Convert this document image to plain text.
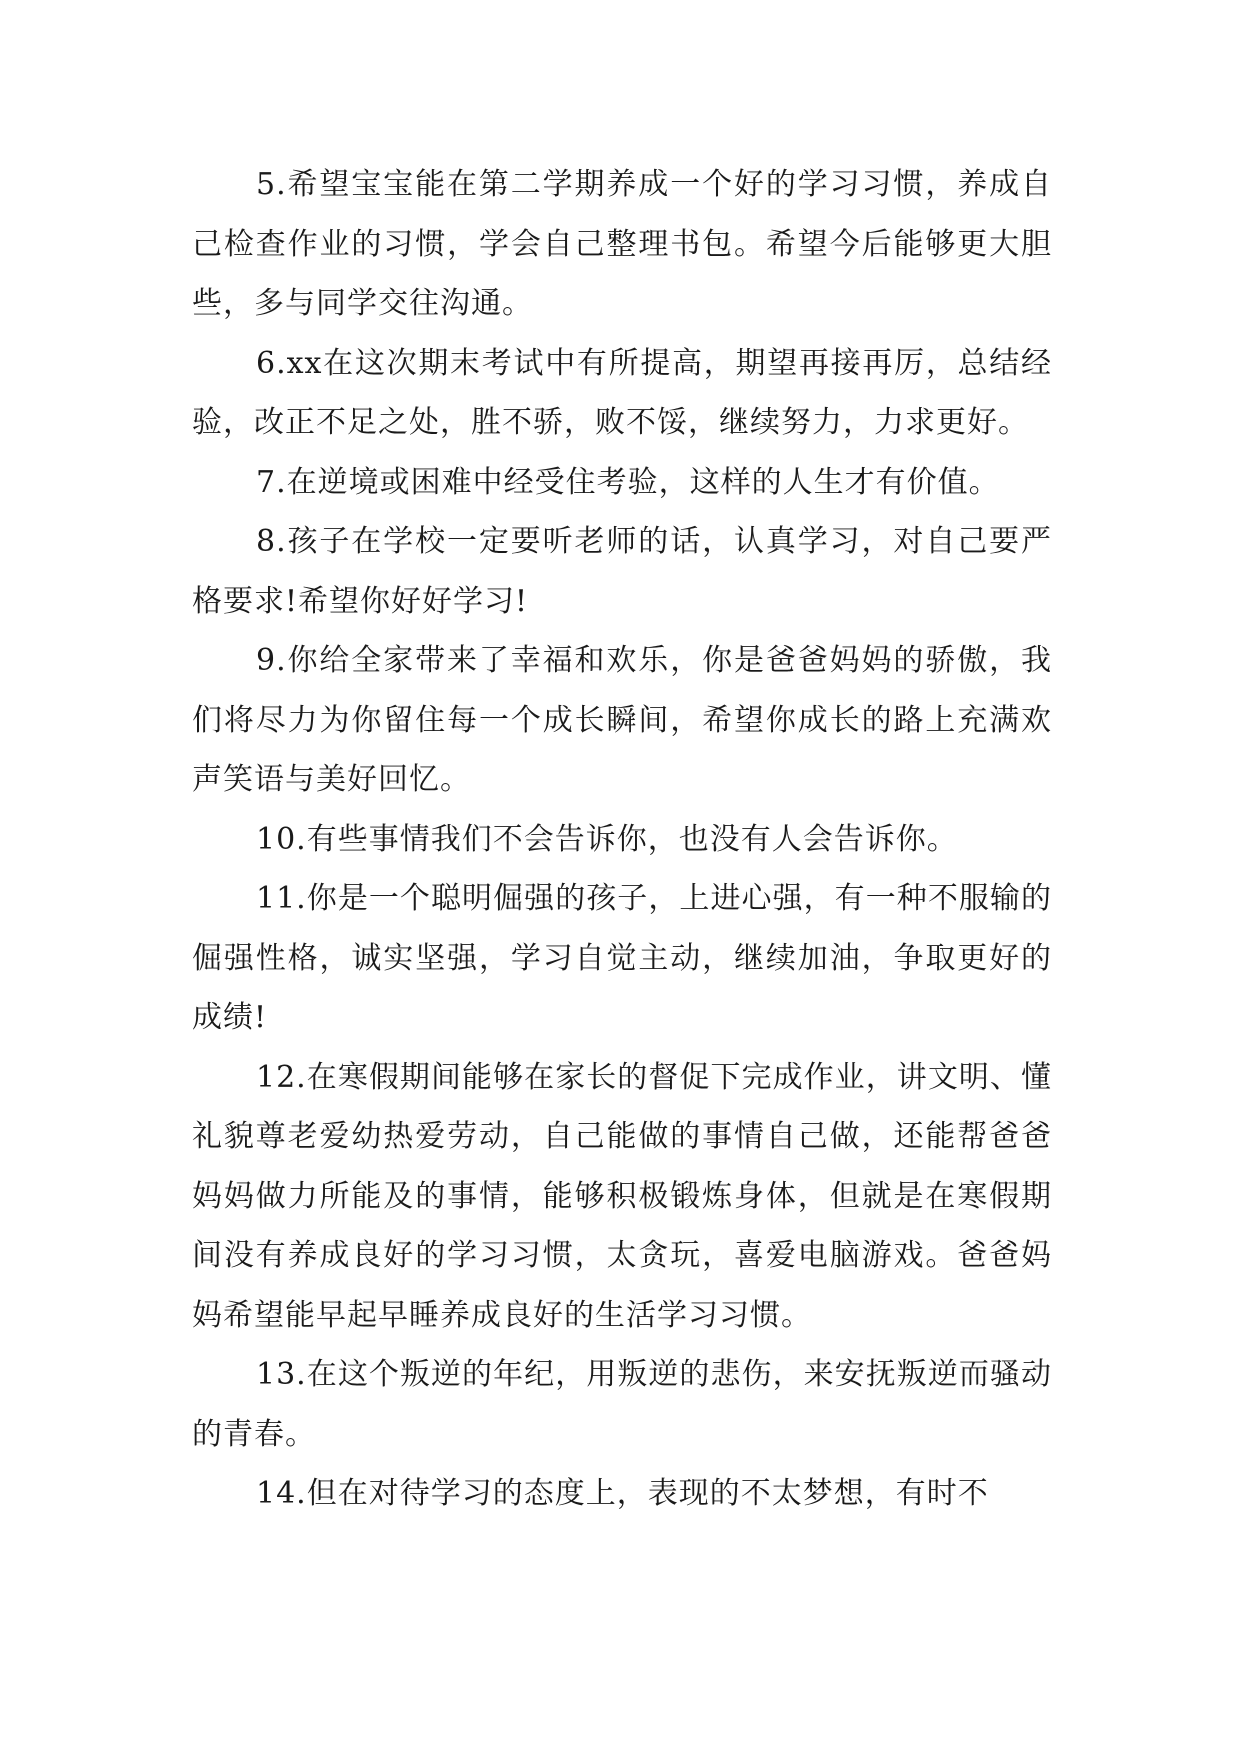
5.希望宝宝能在第二学期养成一个好的学习习惯，养成自己检查作业的习惯，学会自己整理书包。希望今后能够更大胆些，多与同学交往沟通。

6.xx在这次期末考试中有所提高，期望再接再厉，总结经验，改正不足之处，胜不骄，败不馁，继续努力，力求更好。

7.在逆境或困难中经受住考验，这样的人生才有价值。

8.孩子在学校一定要听老师的话，认真学习，对自己要严格要求!希望你好好学习!

9.你给全家带来了幸福和欢乐，你是爸爸妈妈的骄傲，我们将尽力为你留住每一个成长瞬间，希望你成长的路上充满欢声笑语与美好回忆。

10.有些事情我们不会告诉你，也没有人会告诉你。

11.你是一个聪明倔强的孩子，上进心强，有一种不服输的倔强性格，诚实坚强，学习自觉主动，继续加油，争取更好的成绩!

12.在寒假期间能够在家长的督促下完成作业，讲文明、懂礼貌尊老爱幼热爱劳动，自己能做的事情自己做，还能帮爸爸妈妈做力所能及的事情，能够积极锻炼身体，但就是在寒假期间没有养成良好的学习习惯，太贪玩，喜爱电脑游戏。爸爸妈妈希望能早起早睡养成良好的生活学习习惯。

13.在这个叛逆的年纪，用叛逆的悲伤，来安抚叛逆而骚动的青春。

14.但在对待学习的态度上，表现的不太梦想，有时不
